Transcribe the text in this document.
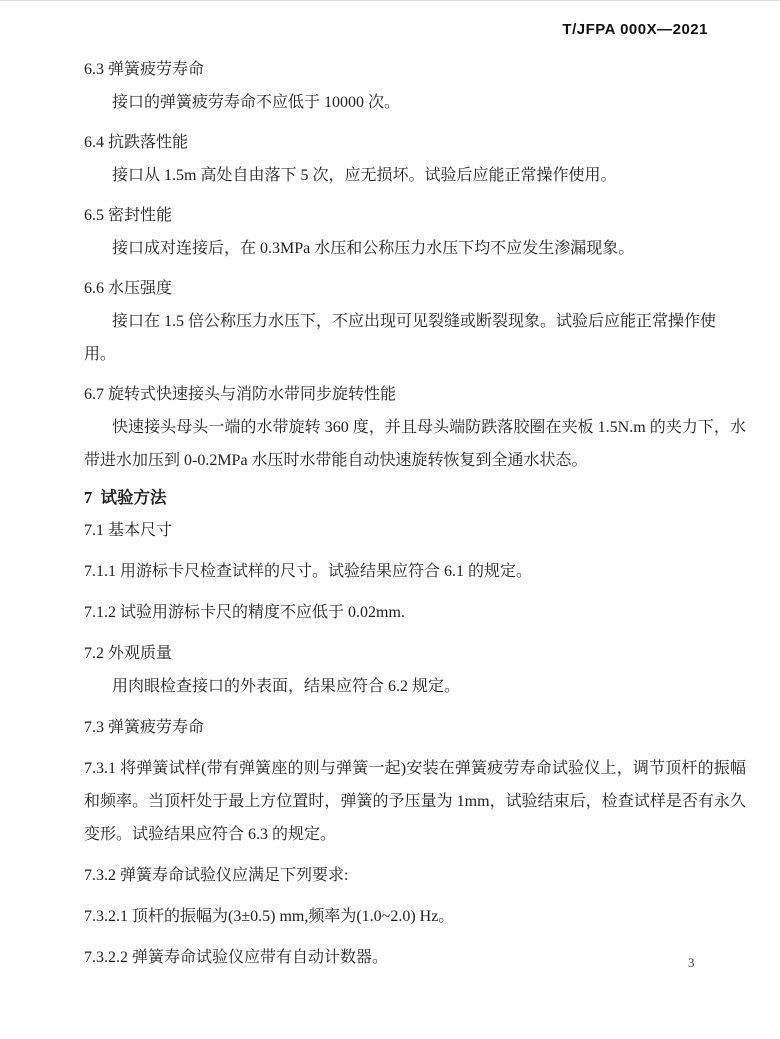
T/JFPA 000X—2021
6.3 弹簧疲劳寿命
接口的弹簧疲劳寿命不应低于 10000 次。
6.4 抗跌落性能
接口从 1.5m 高处自由落下 5 次，应无损坏。试验后应能正常操作使用。
6.5 密封性能
接口成对连接后，在 0.3MPa 水压和公称压力水压下均不应发生渗漏现象。
6.6 水压强度
接口在 1.5 倍公称压力水压下，不应出现可见裂缝或断裂现象。试验后应能正常操作使用。
6.7 旋转式快速接头与消防水带同步旋转性能
快速接头母头一端的水带旋转 360 度，并且母头端防跌落胶圈在夹板 1.5N.m 的夹力下，水带进水加压到 0-0.2MPa 水压时水带能自动快速旋转恢复到全通水状态。
7  试验方法
7.1 基本尺寸
7.1.1 用游标卡尺检查试样的尺寸。试验结果应符合 6.1 的规定。
7.1.2 试验用游标卡尺的精度不应低于 0.02mm.
7.2 外观质量
用肉眼检查接口的外表面，结果应符合 6.2 规定。
7.3 弹簧疲劳寿命
7.3.1 将弹簧试样(带有弹簧座的则与弹簧一起)安装在弹簧疲劳寿命试验仪上，调节顶杆的振幅和频率。当顶杆处于最上方位置时，弹簧的予压量为 1mm，试验结束后，检查试样是否有永久变形。试验结果应符合 6.3 的规定。
7.3.2 弹簧寿命试验仪应满足下列要求:
7.3.2.1 顶杆的振幅为(3±0.5) mm,频率为(1.0~2.0) Hz。
7.3.2.2 弹簧寿命试验仪应带有自动计数器。	3
